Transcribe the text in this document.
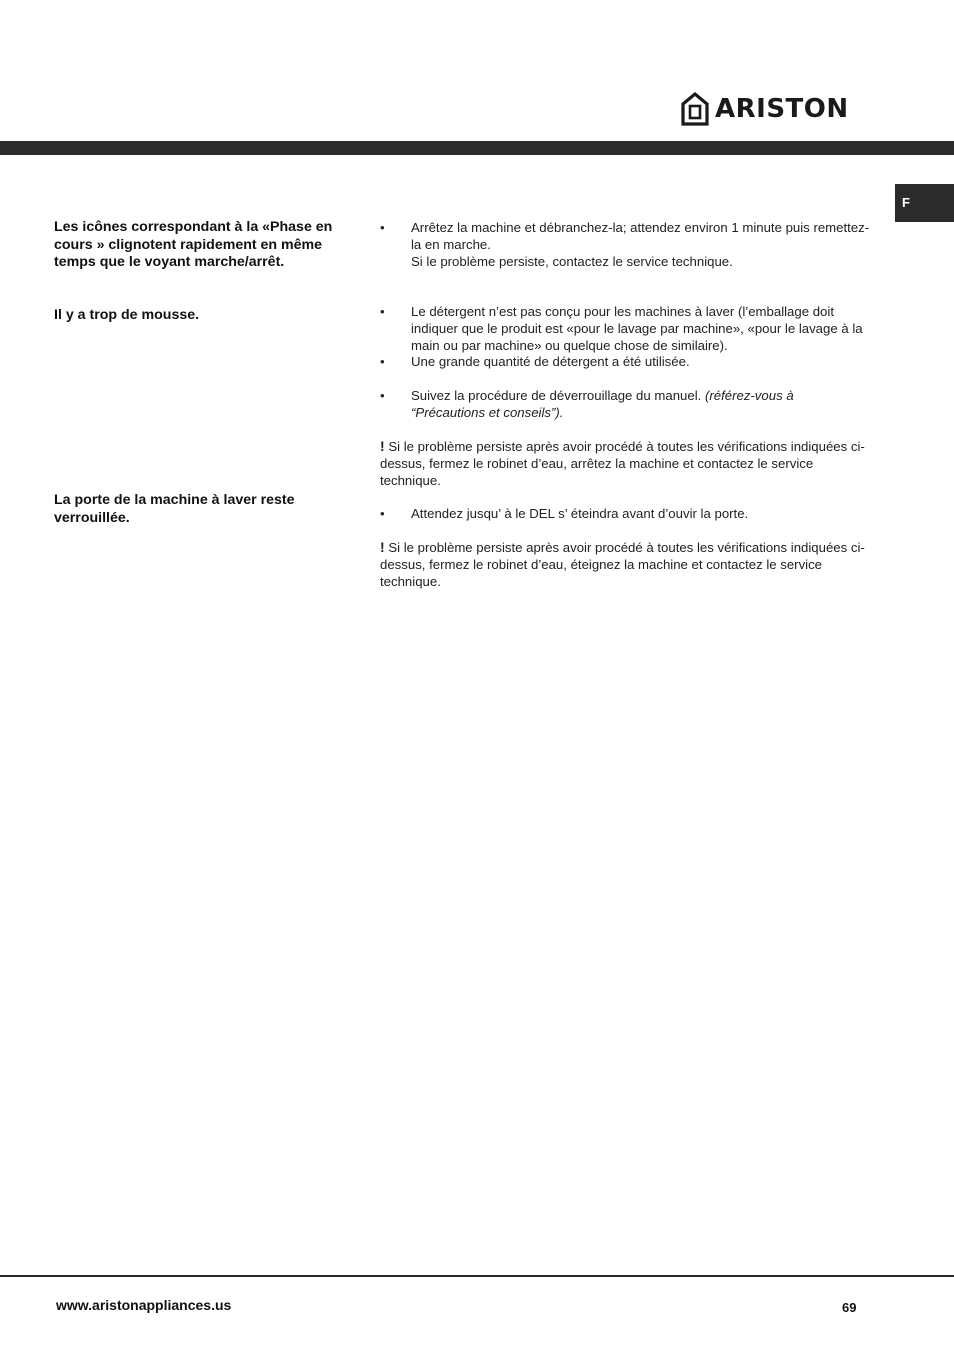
ARISTON
F

Les icônes correspondant à la «Phase en cours » clignotent rapidement en même temps que le voyant marche/arrêt.

Il y a trop de mousse.

La porte de la machine à laver reste verrouillée.

• Arrêtez la machine et débranchez-la; attendez environ 1 minute puis remettez-la en marche.
Si le problème persiste, contactez le service technique.
• Le détergent n’est pas conçu pour les machines à laver (l’emballage doit indiquer que le produit est «pour le lavage par machine», «pour le lavage à la main ou par machine» ou quelque chose de similaire).
• Une grande quantité de détergent a été utilisée.
• Suivez la procédure de déverrouillage du manuel. (référez-vous à “Précautions et conseils”).
! Si le problème persiste après avoir procédé à toutes les vérifications indiquées ci-dessus, fermez le robinet d’eau, arrêtez la machine et contactez le service technique.
• Attendez jusqu’ à le DEL s’ éteindra avant d’ouvir la porte.
! Si le problème persiste après avoir procédé à toutes les vérifications indiquées ci-dessus, fermez le robinet d’eau, éteignez la machine et contactez le service technique.
www.aristonappliances.us	69
